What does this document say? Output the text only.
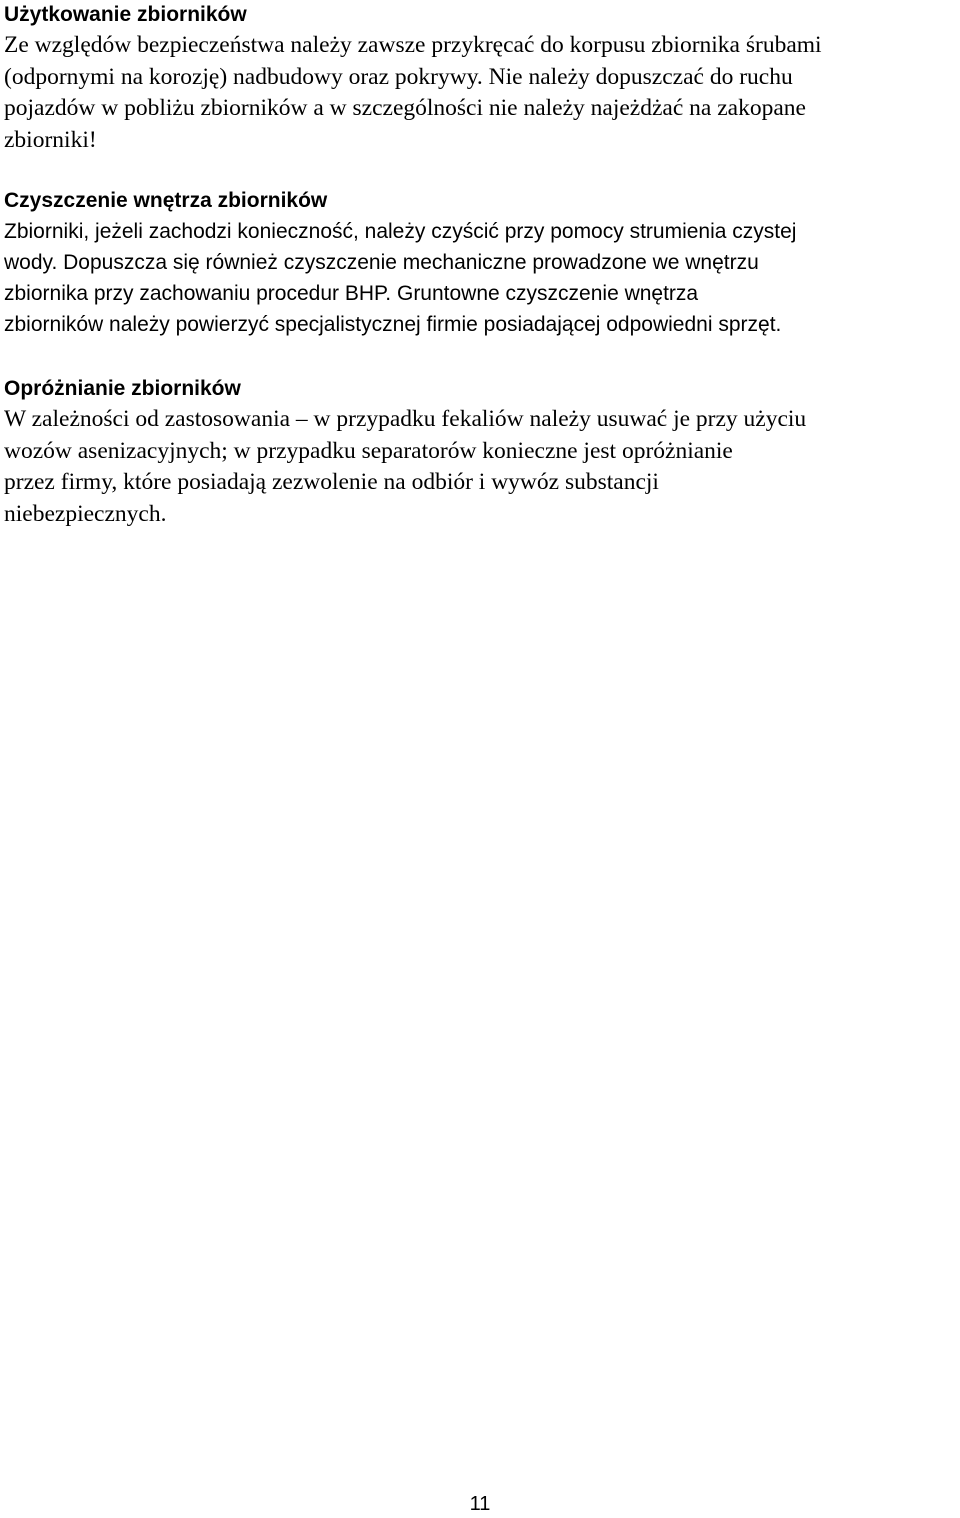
Użytkowanie zbiorników

Ze względów bezpieczeństwa należy zawsze przykręcać do korpusu zbiornika śrubami
(odpornymi na korozję) nadbudowy oraz pokrywy. Nie należy dopuszczać do ruchu
pojazdów w pobliżu zbiorników a w szczególności nie należy najeżdżać na zakopane
zbiorniki!

Czyszczenie wnętrza zbiorników

Zbiorniki, jeżeli zachodzi konieczność, należy czyścić przy pomocy strumienia czystej
wody. Dopuszcza się również czyszczenie mechaniczne prowadzone we wnętrzu
zbiornika przy zachowaniu procedur BHP. Gruntowne czyszczenie wnętrza
zbiorników należy powierzyć specjalistycznej firmie posiadającej odpowiedni sprzęt.

Opróżnianie zbiorników

W zależności od zastosowania – w przypadku fekaliów należy usuwać je przy użyciu
wozów asenizacyjnych; w przypadku separatorów konieczne jest opróżnianie
przez firmy, które posiadają zezwolenie na odbiór i wywóz substancji
niebezpiecznych.

11
